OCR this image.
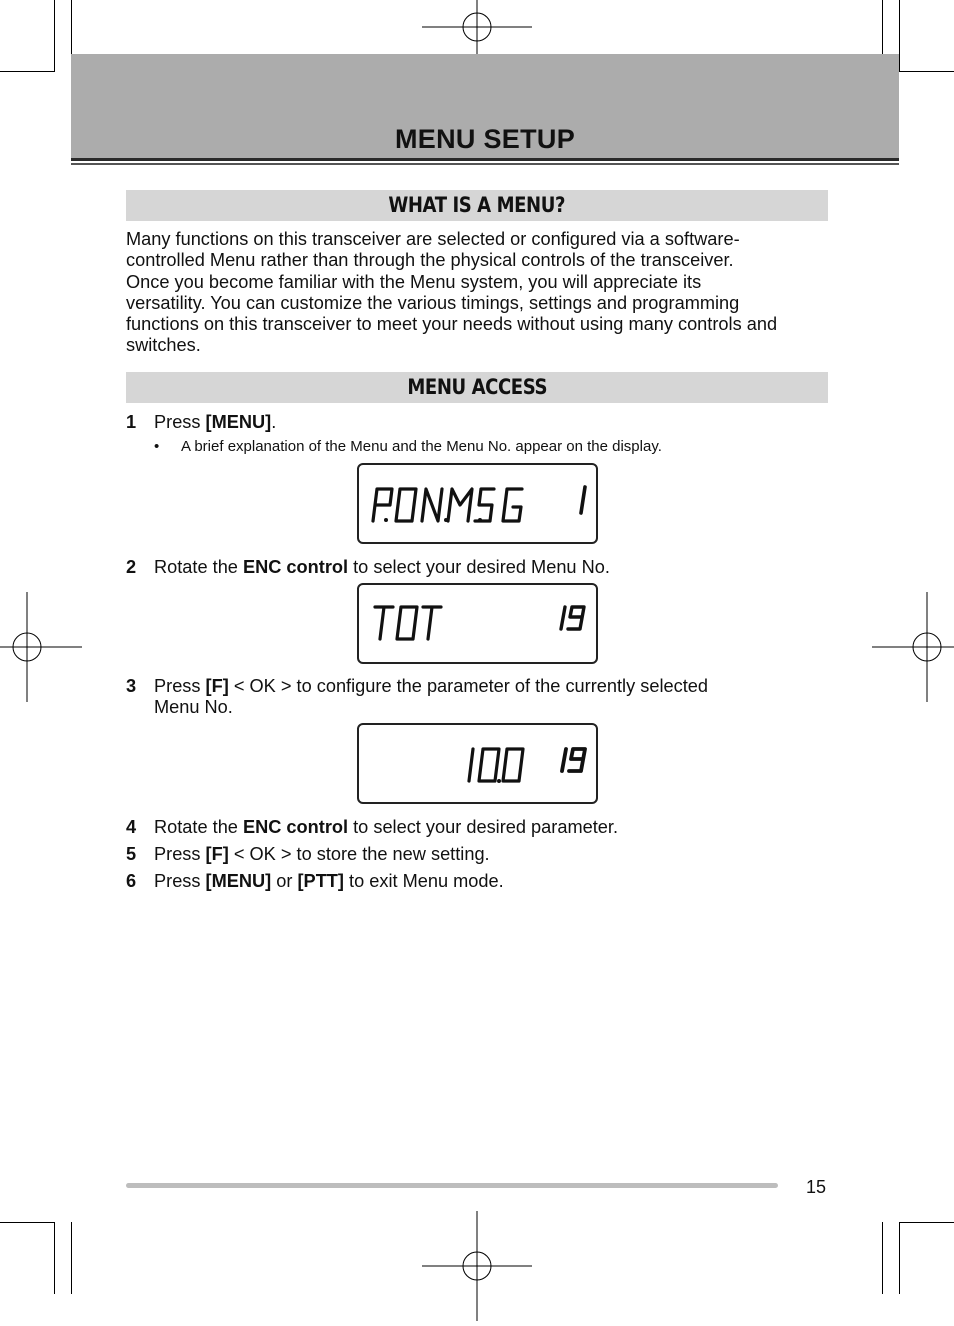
MENU SETUP
WHAT IS A MENU?
Many functions on this transceiver are selected or configured via a software-
controlled Menu rather than through the physical controls of the transceiver.
Once you become familiar with the Menu system, you will appreciate its
versatility. You can customize the various timings, settings and programming
functions on this transceiver to meet your needs without using many controls and
switches.
MENU ACCESS
1 Press [MENU].
• A brief explanation of the Menu and the Menu No. appear on the display.
2 Rotate the ENC control to select your desired Menu No.
3 Press [F] < OK > to configure the parameter of the currently selected
Menu No.
4 Rotate the ENC control to select your desired parameter.
5 Press [F] < OK > to store the new setting.
6 Press [MENU] or [PTT] to exit Menu mode.
15
